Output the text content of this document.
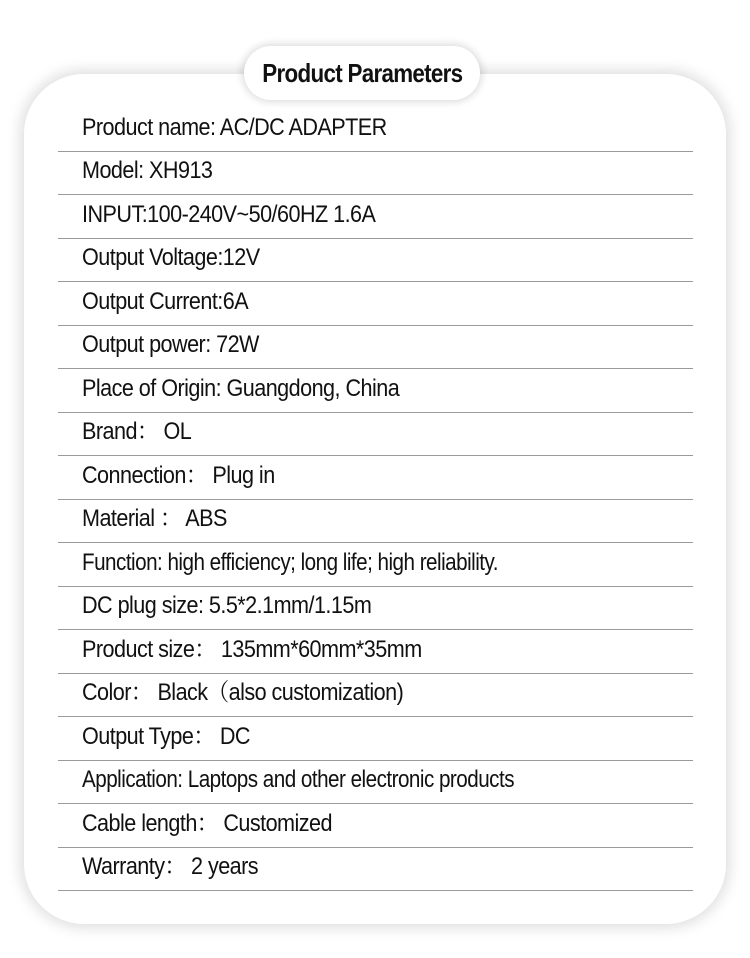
Product Parameters
Product name: AC/DC ADAPTER
Model: XH913
INPUT:100-240V~50/60HZ 1.6A
Output Voltage:12V
Output Current:6A
Output power: 72W
Place of Origin: Guangdong, China
Brand： OL
Connection： Plug in
Material ： ABS
Function: high efficiency; long life; high reliability.
DC plug size: 5.5*2.1mm/1.15m
Product size： 135mm*60mm*35mm
Color： Black（also customization)
Output Type： DC
Application: Laptops and other electronic products
Cable length： Customized
Warranty： 2 years
